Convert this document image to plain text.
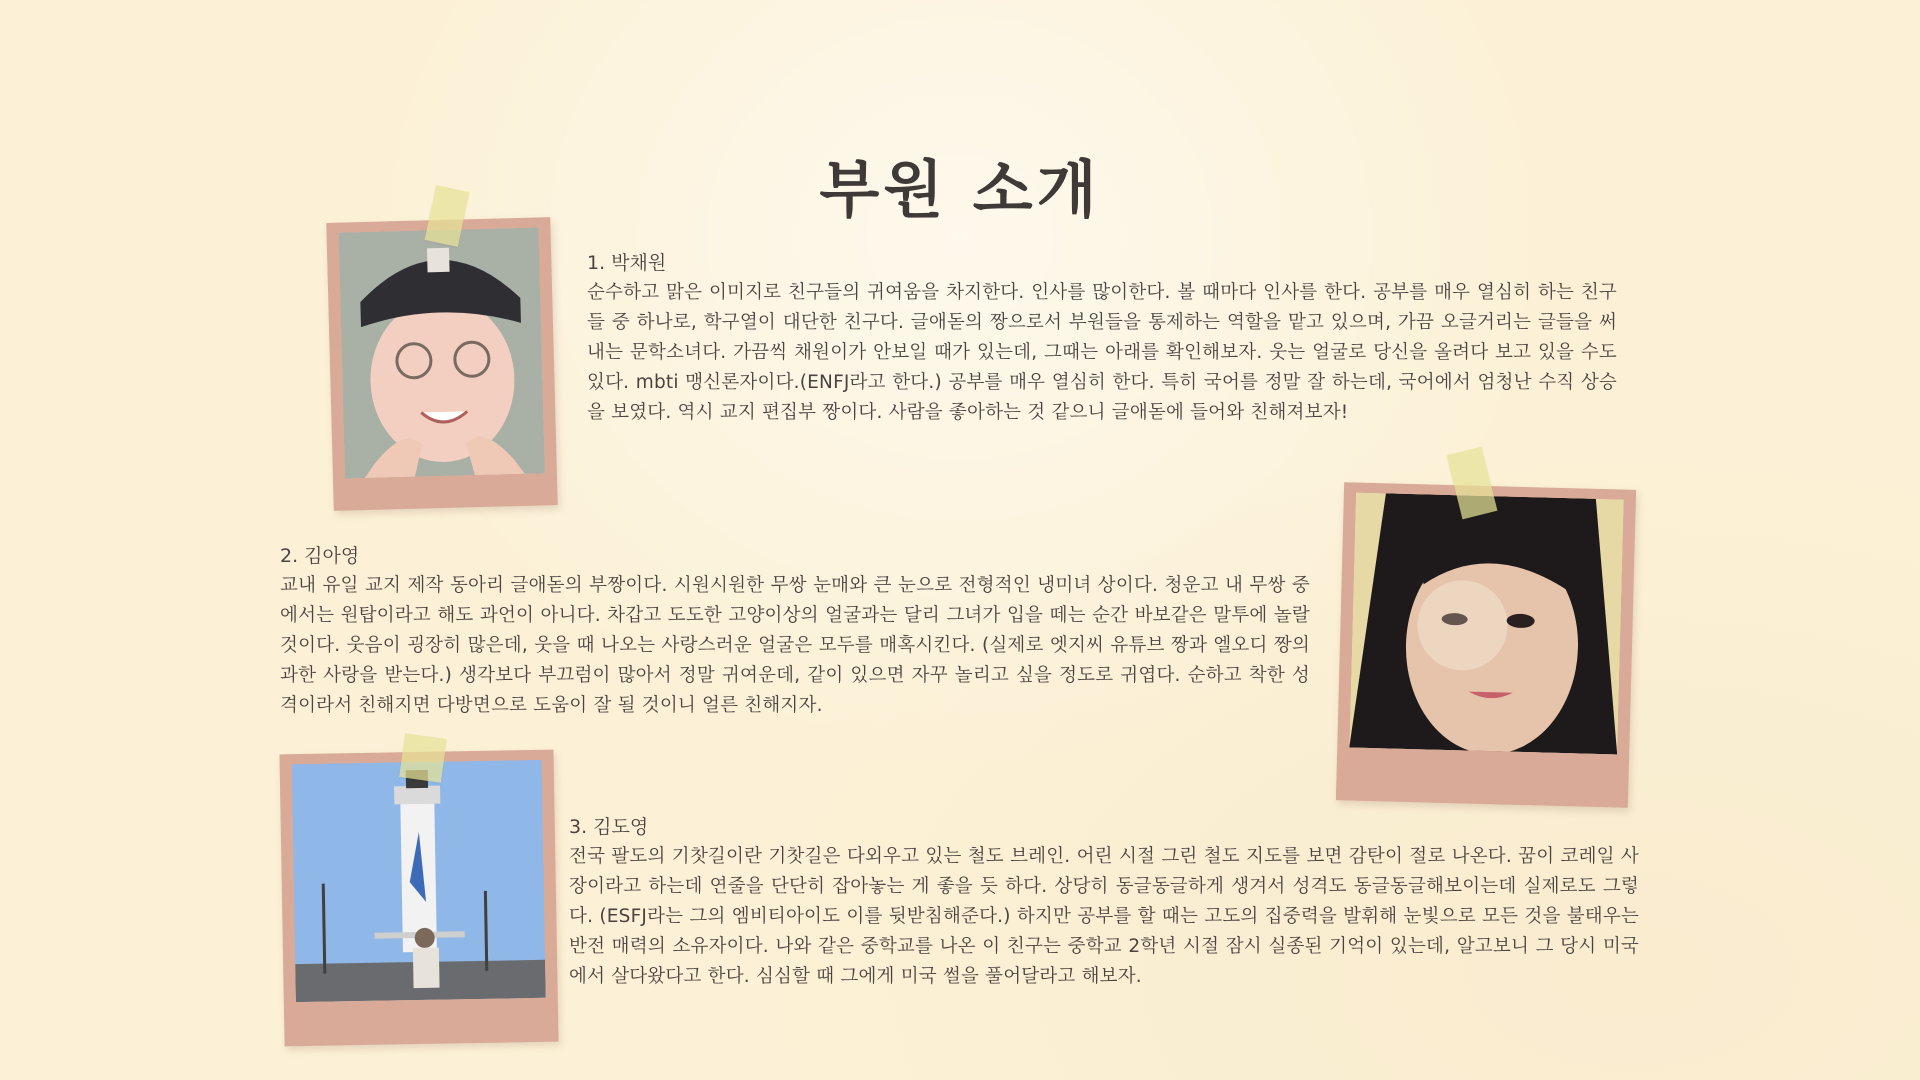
부원 소개

1. 박채원

순수하고 맑은 이미지로 친구들의 귀여움을 차지한다. 인사를 많이한다. 볼 때마다 인사를 한다. 공부를 매우 열심히 하는 친구들 중 하나로, 학구열이 대단한 친구다. 글애돋의 짱으로서 부원들을 통제하는 역할을 맡고 있으며, 가끔 오글거리는 글들을 써내는 문학소녀다. 가끔씩 채원이가 안보일 때가 있는데, 그때는 아래를 확인해보자. 웃는 얼굴로 당신을 올려다 보고 있을 수도 있다. mbti 맹신론자이다.(ENFJ라고 한다.) 공부를 매우 열심히 한다. 특히 국어를 정말 잘 하는데, 국어에서 엄청난 수직 상승을 보였다. 역시 교지 편집부 짱이다. 사람을 좋아하는 것 같으니 글애돋에 들어와 친해져보자!

2. 김아영

교내 유일 교지 제작 동아리 글애돋의 부짱이다. 시원시원한 무쌍 눈매와 큰 눈으로 전형적인 냉미녀 상이다. 청운고 내 무쌍 중에서는 원탑이라고 해도 과언이 아니다. 차갑고 도도한 고양이상의 얼굴과는 달리 그녀가 입을 떼는 순간 바보같은 말투에 놀랄 것이다. 웃음이 굉장히 많은데, 웃을 때 나오는 사랑스러운 얼굴은 모두를 매혹시킨다. (실제로 엣지씨 유튜브 짱과 엘오디 짱의 과한 사랑을 받는다.) 생각보다 부끄럼이 많아서 정말 귀여운데, 같이 있으면 자꾸 놀리고 싶을 정도로 귀엽다. 순하고 착한 성격이라서 친해지면 다방면으로 도움이 잘 될 것이니 얼른 친해지자.

3. 김도영

전국 팔도의 기찻길이란 기찻길은 다외우고 있는 철도 브레인. 어린 시절 그린 철도 지도를 보면 감탄이 절로 나온다. 꿈이 코레일 사장이라고 하는데 연줄을 단단히 잡아놓는 게 좋을 듯 하다. 상당히 동글동글하게 생겨서 성격도 동글동글해보이는데 실제로도 그렇다. (ESFJ라는 그의 엠비티아이도 이를 뒷받침해준다.) 하지만 공부를 할 때는 고도의 집중력을 발휘해 눈빛으로 모든 것을 불태우는 반전 매력의 소유자이다. 나와 같은 중학교를 나온 이 친구는 중학교 2학년 시절 잠시 실종된 기억이 있는데, 알고보니 그 당시 미국에서 살다왔다고 한다. 심심할 때 그에게 미국 썰을 풀어달라고 해보자.
